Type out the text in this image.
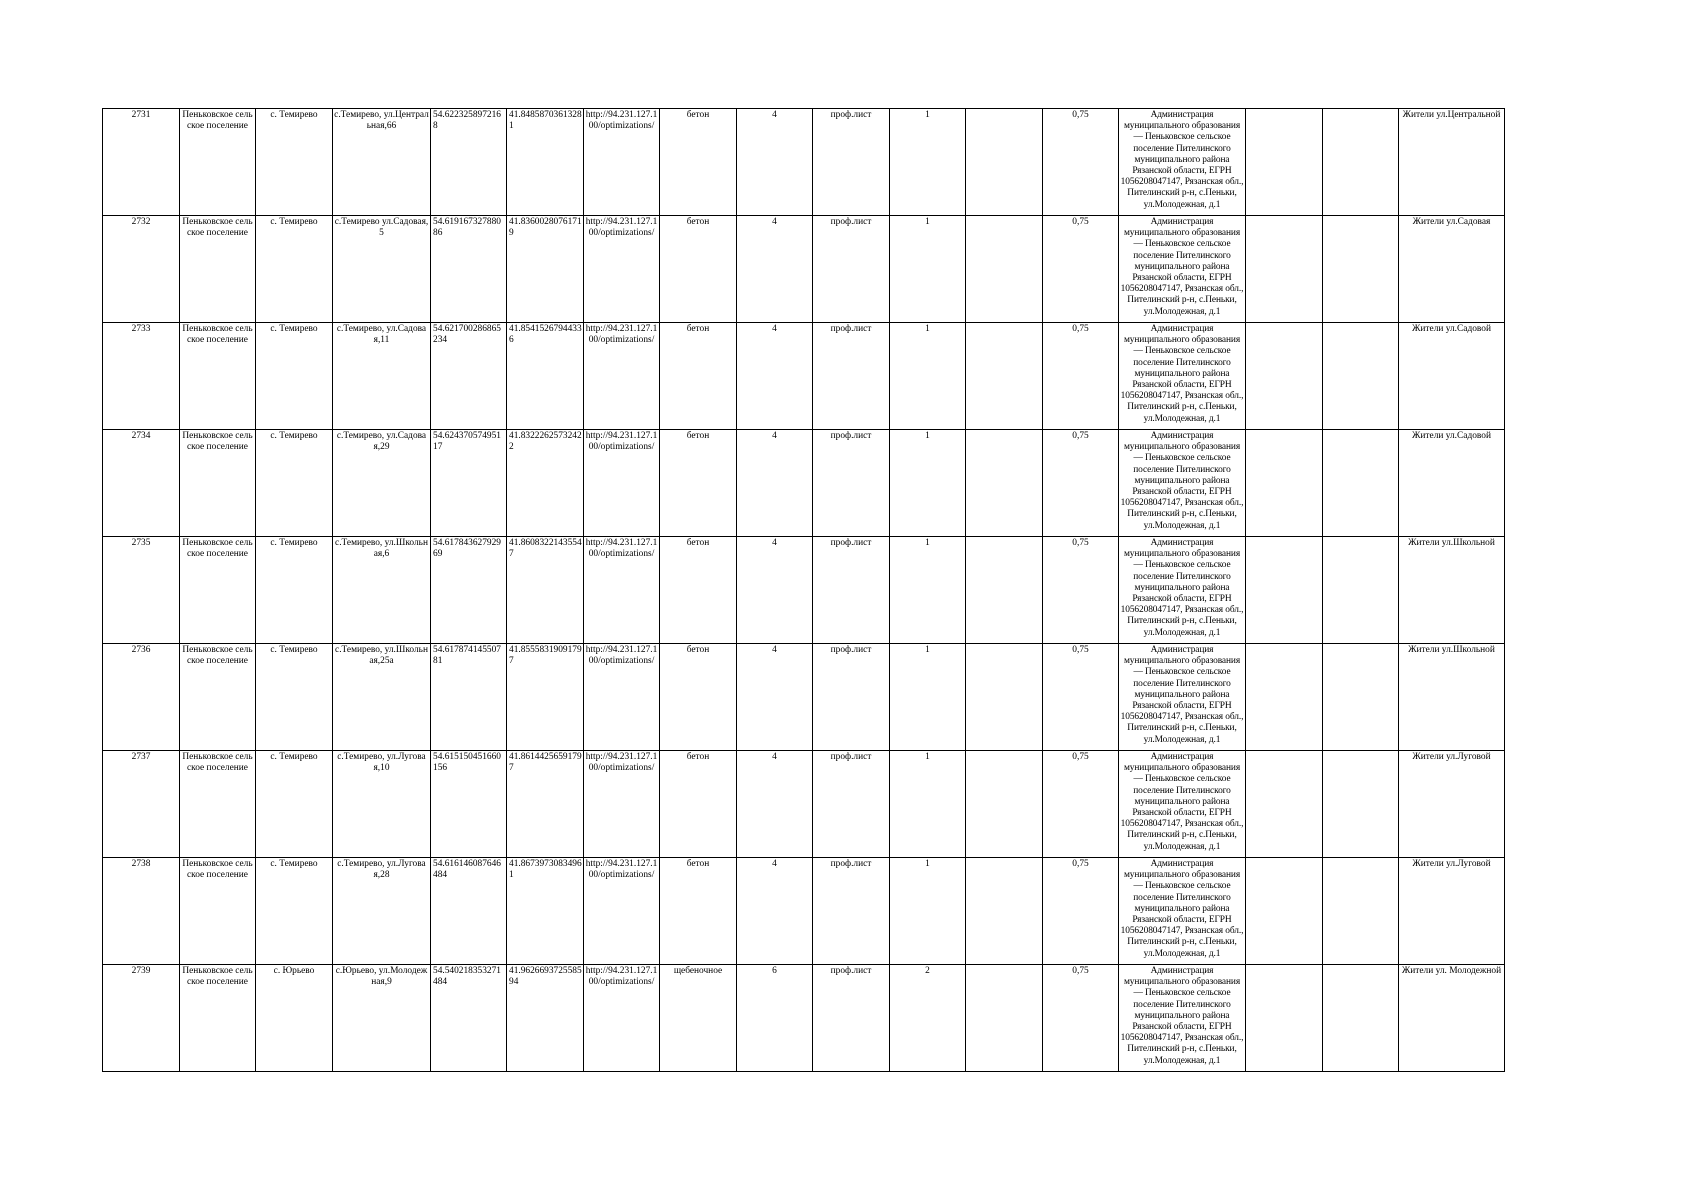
2731	Пеньковское сельское поселение	с. Темирево	с.Темирево, ул.Центральная,66	54.6223258972168	41.84858703613281	http://94.231.127.100/optimizations/	бетон	4	проф.лист	1		0,75	Администрация муниципального образования — Пеньковское сельское поселение Пителинского муниципального района Рязанской области, ЕГРН 1056208047147, Рязанская обл., Пителинский р-н, с.Пеньки, ул.Молодежная, д.1			Жители ул.Центральной
2732	Пеньковское сельское поселение	с. Темирево	с.Темирево ул.Садовая, 5	54.61916732788086	41.83600280761719	http://94.231.127.100/optimizations/	бетон	4	проф.лист	1		0,75	Администрация муниципального образования — Пеньковское сельское поселение Пителинского муниципального района Рязанской области, ЕГРН 1056208047147, Рязанская обл., Пителинский р-н, с.Пеньки, ул.Молодежная, д.1			Жители ул.Садовая
2733	Пеньковское сельское поселение	с. Темирево	с.Темирево, ул.Садовая,11	54.621700286865234	41.85415267944336	http://94.231.127.100/optimizations/	бетон	4	проф.лист	1		0,75	Администрация муниципального образования — Пеньковское сельское поселение Пителинского муниципального района Рязанской области, ЕГРН 1056208047147, Рязанская обл., Пителинский р-н, с.Пеньки, ул.Молодежная, д.1			Жители ул.Садовой
2734	Пеньковское сельское поселение	с. Темирево	с.Темирево, ул.Садовая,29	54.62437057495117	41.83222625732422	http://94.231.127.100/optimizations/	бетон	4	проф.лист	1		0,75	Администрация муниципального образования — Пеньковское сельское поселение Пителинского муниципального района Рязанской области, ЕГРН 1056208047147, Рязанская обл., Пителинский р-н, с.Пеньки, ул.Молодежная, д.1			Жители ул.Садовой
2735	Пеньковское сельское поселение	с. Темирево	с.Темирево, ул.Школьная,6	54.61784362792969	41.86083221435547	http://94.231.127.100/optimizations/	бетон	4	проф.лист	1		0,75	Администрация муниципального образования — Пеньковское сельское поселение Пителинского муниципального района Рязанской области, ЕГРН 1056208047147, Рязанская обл., Пителинский р-н, с.Пеньки, ул.Молодежная, д.1			Жители ул.Школьной
2736	Пеньковское сельское поселение	с. Темирево	с.Темирево, ул.Школьная,25а	54.61787414550781	41.85558319091797	http://94.231.127.100/optimizations/	бетон	4	проф.лист	1		0,75	Администрация муниципального образования — Пеньковское сельское поселение Пителинского муниципального района Рязанской области, ЕГРН 1056208047147, Рязанская обл., Пителинский р-н, с.Пеньки, ул.Молодежная, д.1			Жители ул.Школьной
2737	Пеньковское сельское поселение	с. Темирево	с.Темирево, ул.Луговая,10	54.615150451660156	41.86144256591797	http://94.231.127.100/optimizations/	бетон	4	проф.лист	1		0,75	Администрация муниципального образования — Пеньковское сельское поселение Пителинского муниципального района Рязанской области, ЕГРН 1056208047147, Рязанская обл., Пителинский р-н, с.Пеньки, ул.Молодежная, д.1			Жители ул.Луговой
2738	Пеньковское сельское поселение	с. Темирево	с.Темирево, ул.Луговая,28	54.616146087646484	41.86739730834961	http://94.231.127.100/optimizations/	бетон	4	проф.лист	1		0,75	Администрация муниципального образования — Пеньковское сельское поселение Пителинского муниципального района Рязанской области, ЕГРН 1056208047147, Рязанская обл., Пителинский р-н, с.Пеньки, ул.Молодежная, д.1			Жители ул.Луговой
2739	Пеньковское сельское поселение	с. Юрьево	с.Юрьево, ул.Молодежная,9	54.540218353271484	41.962669372558594	http://94.231.127.100/optimizations/	щебеночное	6	проф.лист	2		0,75	Администрация муниципального образования — Пеньковское сельское поселение Пителинского муниципального района Рязанской области, ЕГРН 1056208047147, Рязанская обл., Пителинский р-н, с.Пеньки, ул.Молодежная, д.1			Жители ул. Молодежной
